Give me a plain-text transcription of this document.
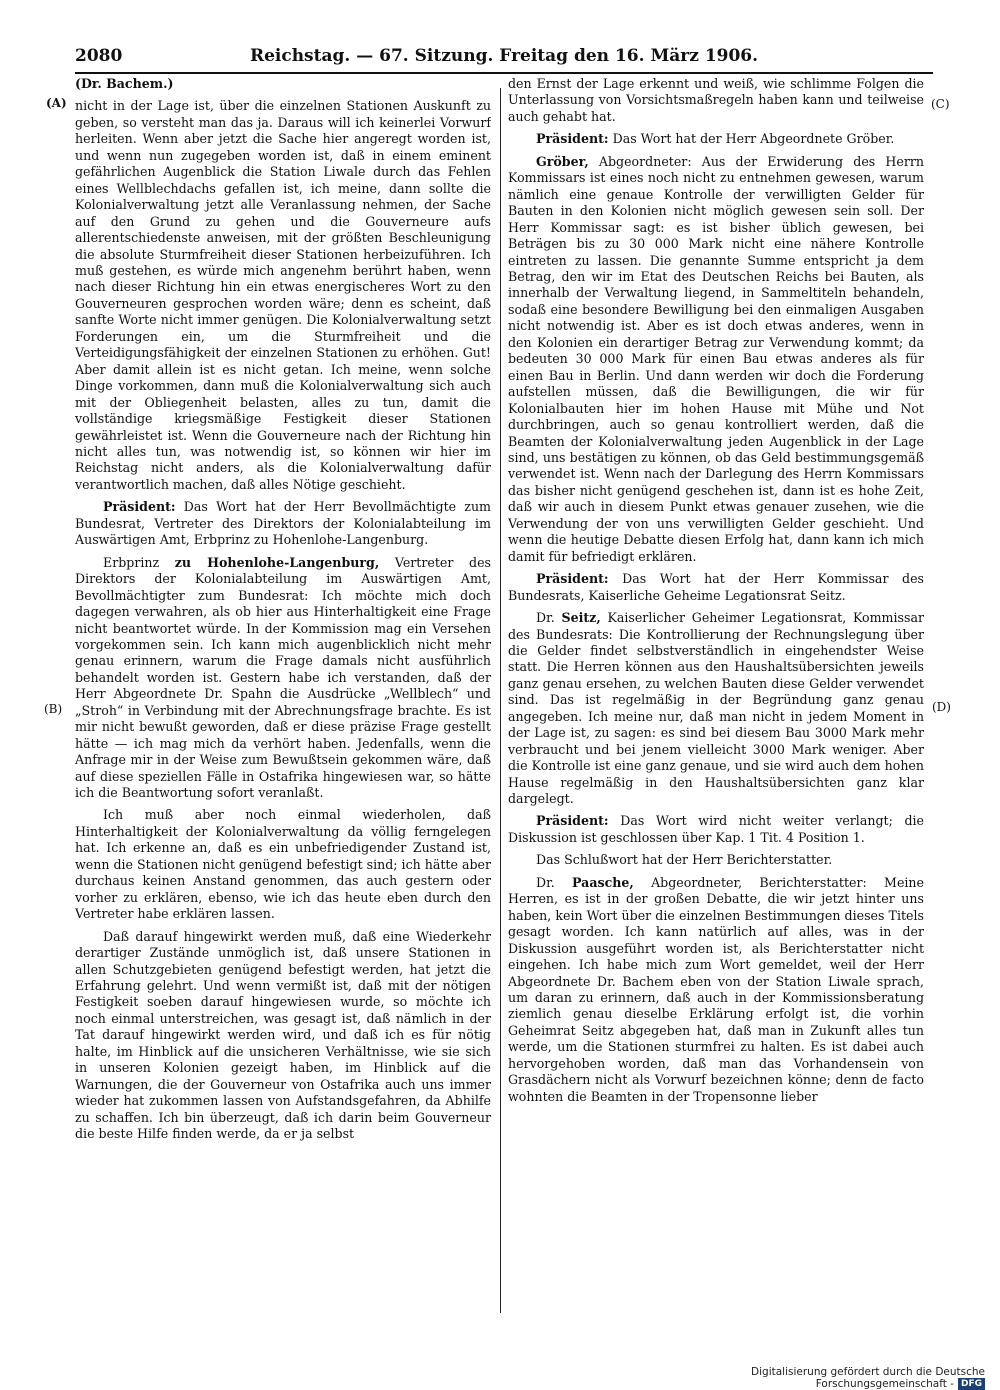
2080	Reichstag. — 67. Sitzung. Freitag den 16. März 1906.
(A)
(B)
(C)
(D)

(Dr. Bachem.)

nicht in der Lage ist, über die einzelnen Stationen Auskunft zu geben, so versteht man das ja. Daraus will ich keinerlei Vorwurf herleiten. Wenn aber jetzt die Sache hier angeregt worden ist, und wenn nun zugegeben worden ist, daß in einem eminent gefährlichen Augenblick die Station Liwale durch das Fehlen eines Wellblechdachs gefallen ist, ich meine, dann sollte die Kolonialverwaltung jetzt alle Veranlassung nehmen, der Sache auf den Grund zu gehen und die Gouverneure aufs allerentschiedenste anweisen, mit der größten Beschleunigung die absolute Sturmfreiheit dieser Stationen herbeizuführen. Ich muß gestehen, es würde mich angenehm berührt haben, wenn nach dieser Richtung hin ein etwas energischeres Wort zu den Gouverneuren gesprochen worden wäre; denn es scheint, daß sanfte Worte nicht immer genügen. Die Kolonialverwaltung setzt Forderungen ein, um die Sturmfreiheit und die Verteidigungsfähigkeit der einzelnen Stationen zu erhöhen. Gut! Aber damit allein ist es nicht getan. Ich meine, wenn solche Dinge vorkommen, dann muß die Kolonialverwaltung sich auch mit der Obliegenheit belasten, alles zu tun, damit die vollständige kriegsmäßige Festigkeit dieser Stationen gewährleistet ist. Wenn die Gouverneure nach der Richtung hin nicht alles tun, was notwendig ist, so können wir hier im Reichstag nicht anders, als die Kolonialverwaltung dafür verantwortlich machen, daß alles Nötige geschieht.

Präsident: Das Wort hat der Herr Bevollmächtigte zum Bundesrat, Vertreter des Direktors der Kolonialabteilung im Auswärtigen Amt, Erbprinz zu Hohenlohe-Langenburg.

Erbprinz zu Hohenlohe-Langenburg, Vertreter des Direktors der Kolonialabteilung im Auswärtigen Amt, Bevollmächtigter zum Bundesrat: Ich möchte mich doch dagegen verwahren, als ob hier aus Hinterhaltigkeit eine Frage nicht beantwortet würde. In der Kommission mag ein Versehen vorgekommen sein. Ich kann mich augenblicklich nicht mehr genau erinnern, warum die Frage damals nicht ausführlich behandelt worden ist. Gestern habe ich verstanden, daß der Herr Abgeordnete Dr. Spahn die Ausdrücke „Wellblech“ und „Stroh“ in Verbindung mit der Abrechnungsfrage brachte. Es ist mir nicht bewußt geworden, daß er diese präzise Frage gestellt hätte — ich mag mich da verhört haben. Jedenfalls, wenn die Anfrage mir in der Weise zum Bewußtsein gekommen wäre, daß auf diese speziellen Fälle in Ostafrika hingewiesen war, so hätte ich die Beantwortung sofort veranlaßt.

Ich muß aber noch einmal wiederholen, daß Hinterhaltigkeit der Kolonialverwaltung da völlig ferngelegen hat. Ich erkenne an, daß es ein unbefriedigender Zustand ist, wenn die Stationen nicht genügend befestigt sind; ich hätte aber durchaus keinen Anstand genommen, das auch gestern oder vorher zu erklären, ebenso, wie ich das heute eben durch den Vertreter habe erklären lassen.

Daß darauf hingewirkt werden muß, daß eine Wiederkehr derartiger Zustände unmöglich ist, daß unsere Stationen in allen Schutzgebieten genügend befestigt werden, hat jetzt die Erfahrung gelehrt. Und wenn vermißt ist, daß mit der nötigen Festigkeit soeben darauf hingewiesen wurde, so möchte ich noch einmal unterstreichen, was gesagt ist, daß nämlich in der Tat darauf hingewirkt werden wird, und daß ich es für nötig halte, im Hinblick auf die unsicheren Verhältnisse, wie sie sich in unseren Kolonien gezeigt haben, im Hinblick auf die Warnungen, die der Gouverneur von Ostafrika auch uns immer wieder hat zukommen lassen von Aufstandsgefahren, da Abhilfe zu schaffen. Ich bin überzeugt, daß ich darin beim Gouverneur die beste Hilfe finden werde, da er ja selbst

den Ernst der Lage erkennt und weiß, wie schlimme Folgen die Unterlassung von Vorsichtsmaßregeln haben kann und teilweise auch gehabt hat.

Präsident: Das Wort hat der Herr Abgeordnete Gröber.

Gröber, Abgeordneter: Aus der Erwiderung des Herrn Kommissars ist eines noch nicht zu entnehmen gewesen, warum nämlich eine genaue Kontrolle der verwilligten Gelder für Bauten in den Kolonien nicht möglich gewesen sein soll. Der Herr Kommissar sagt: es ist bisher üblich gewesen, bei Beträgen bis zu 30 000 Mark nicht eine nähere Kontrolle eintreten zu lassen. Die genannte Summe entspricht ja dem Betrag, den wir im Etat des Deutschen Reichs bei Bauten, als innerhalb der Verwaltung liegend, in Sammeltiteln behandeln, sodaß eine besondere Bewilligung bei den einmaligen Ausgaben nicht notwendig ist. Aber es ist doch etwas anderes, wenn in den Kolonien ein derartiger Betrag zur Verwendung kommt; da bedeuten 30 000 Mark für einen Bau etwas anderes als für einen Bau in Berlin. Und dann werden wir doch die Forderung aufstellen müssen, daß die Bewilligungen, die wir für Kolonialbauten hier im hohen Hause mit Mühe und Not durchbringen, auch so genau kontrolliert werden, daß die Beamten der Kolonialverwaltung jeden Augenblick in der Lage sind, uns bestätigen zu können, ob das Geld bestimmungsgemäß verwendet ist. Wenn nach der Darlegung des Herrn Kommissars das bisher nicht genügend geschehen ist, dann ist es hohe Zeit, daß wir auch in diesem Punkt etwas genauer zusehen, wie die Verwendung der von uns verwilligten Gelder geschieht. Und wenn die heutige Debatte diesen Erfolg hat, dann kann ich mich damit für befriedigt erklären.

Präsident: Das Wort hat der Herr Kommissar des Bundesrats, Kaiserliche Geheime Legationsrat Seitz.

Dr. Seitz, Kaiserlicher Geheimer Legationsrat, Kommissar des Bundesrats: Die Kontrollierung der Rechnungslegung über die Gelder findet selbstverständlich in eingehendster Weise statt. Die Herren können aus den Haushaltsübersichten jeweils ganz genau ersehen, zu welchen Bauten diese Gelder verwendet sind. Das ist regelmäßig in der Begründung ganz genau angegeben. Ich meine nur, daß man nicht in jedem Moment in der Lage ist, zu sagen: es sind bei diesem Bau 3000 Mark mehr verbraucht und bei jenem vielleicht 3000 Mark weniger. Aber die Kontrolle ist eine ganz genaue, und sie wird auch dem hohen Hause regelmäßig in den Haushaltsübersichten ganz klar dargelegt.

Präsident: Das Wort wird nicht weiter verlangt; die Diskussion ist geschlossen über Kap. 1 Tit. 4 Position 1.

Das Schlußwort hat der Herr Berichterstatter.

Dr. Paasche, Abgeordneter, Berichterstatter: Meine Herren, es ist in der großen Debatte, die wir jetzt hinter uns haben, kein Wort über die einzelnen Bestimmungen dieses Titels gesagt worden. Ich kann natürlich auf alles, was in der Diskussion ausgeführt worden ist, als Berichterstatter nicht eingehen. Ich habe mich zum Wort gemeldet, weil der Herr Abgeordnete Dr. Bachem eben von der Station Liwale sprach, um daran zu erinnern, daß auch in der Kommissionsberatung ziemlich genau dieselbe Erklärung erfolgt ist, die vorhin Geheimrat Seitz abgegeben hat, daß man in Zukunft alles tun werde, um die Stationen sturmfrei zu halten. Es ist dabei auch hervorgehoben worden, daß man das Vorhandensein von Grasdächern nicht als Vorwurf bezeichnen könne; denn de facto wohnten die Beamten in der Tropensonne lieber

Digitalisierung gefördert durch die Deutsche Forschungsgemeinschaft - DFG
